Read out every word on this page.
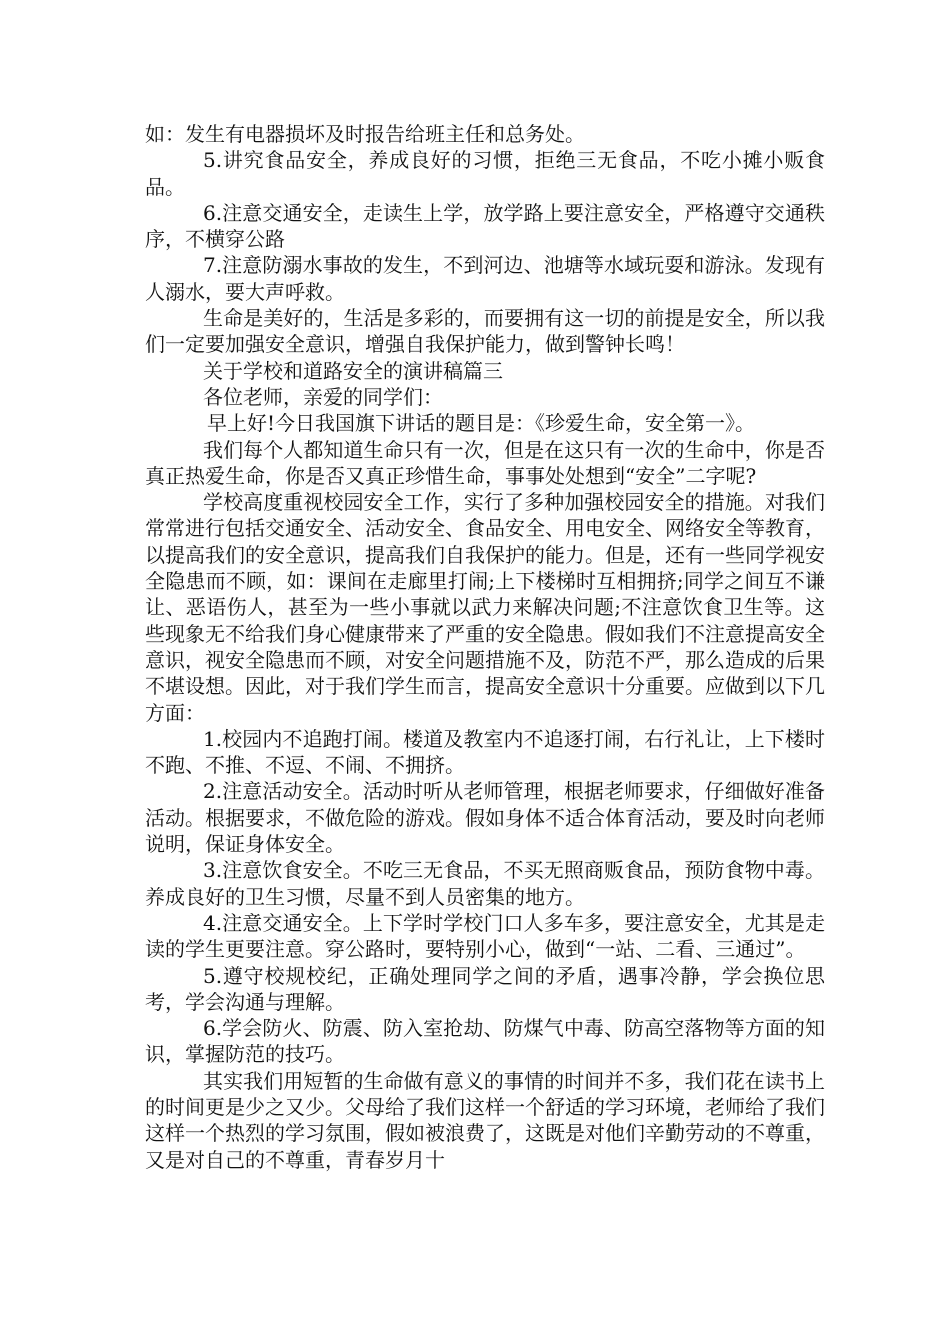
如：发生有电器损坏及时报告给班主任和总务处。

5.讲究食品安全，养成良好的习惯，拒绝三无食品，不吃小摊小贩食品。

6.注意交通安全，走读生上学，放学路上要注意安全，严格遵守交通秩序，不横穿公路

7.注意防溺水事故的发生，不到河边、池塘等水域玩耍和游泳。发现有人溺水，要大声呼救。

生命是美好的，生活是多彩的，而要拥有这一切的前提是安全，所以我们一定要加强安全意识，增强自我保护能力，做到警钟长鸣！

关于学校和道路安全的演讲稿篇三

各位老师，亲爱的同学们：

早上好!今日我国旗下讲话的题目是：《珍爱生命，安全第一》。

我们每个人都知道生命只有一次，但是在这只有一次的生命中，你是否真正热爱生命，你是否又真正珍惜生命，事事处处想到“安全”二字呢?

学校高度重视校园安全工作，实行了多种加强校园安全的措施。对我们常常进行包括交通安全、活动安全、食品安全、用电安全、网络安全等教育，以提高我们的安全意识，提高我们自我保护的能力。但是，还有一些同学视安全隐患而不顾，如：课间在走廊里打闹;上下楼梯时互相拥挤;同学之间互不谦让、恶语伤人，甚至为一些小事就以武力来解决问题;不注意饮食卫生等。这些现象无不给我们身心健康带来了严重的安全隐患。假如我们不注意提高安全意识，视安全隐患而不顾，对安全问题措施不及，防范不严，那么造成的后果不堪设想。因此，对于我们学生而言，提高安全意识十分重要。应做到以下几方面：

1.校园内不追跑打闹。楼道及教室内不追逐打闹，右行礼让，上下楼时不跑、不推、不逗、不闹、不拥挤。

2.注意活动安全。活动时听从老师管理，根据老师要求，仔细做好准备活动。根据要求，不做危险的游戏。假如身体不适合体育活动，要及时向老师说明，保证身体安全。

3.注意饮食安全。不吃三无食品，不买无照商贩食品，预防食物中毒。养成良好的卫生习惯，尽量不到人员密集的地方。

4.注意交通安全。上下学时学校门口人多车多，要注意安全，尤其是走读的学生更要注意。穿公路时，要特别小心，做到“一站、二看、三通过”。

5.遵守校规校纪，正确处理同学之间的矛盾，遇事冷静，学会换位思考，学会沟通与理解。

6.学会防火、防震、防入室抢劫、防煤气中毒、防高空落物等方面的知识，掌握防范的技巧。

其实我们用短暂的生命做有意义的事情的时间并不多，我们花在读书上的时间更是少之又少。父母给了我们这样一个舒适的学习环境，老师给了我们这样一个热烈的学习氛围，假如被浪费了，这既是对他们辛勤劳动的不尊重，又是对自己的不尊重，青春岁月十
